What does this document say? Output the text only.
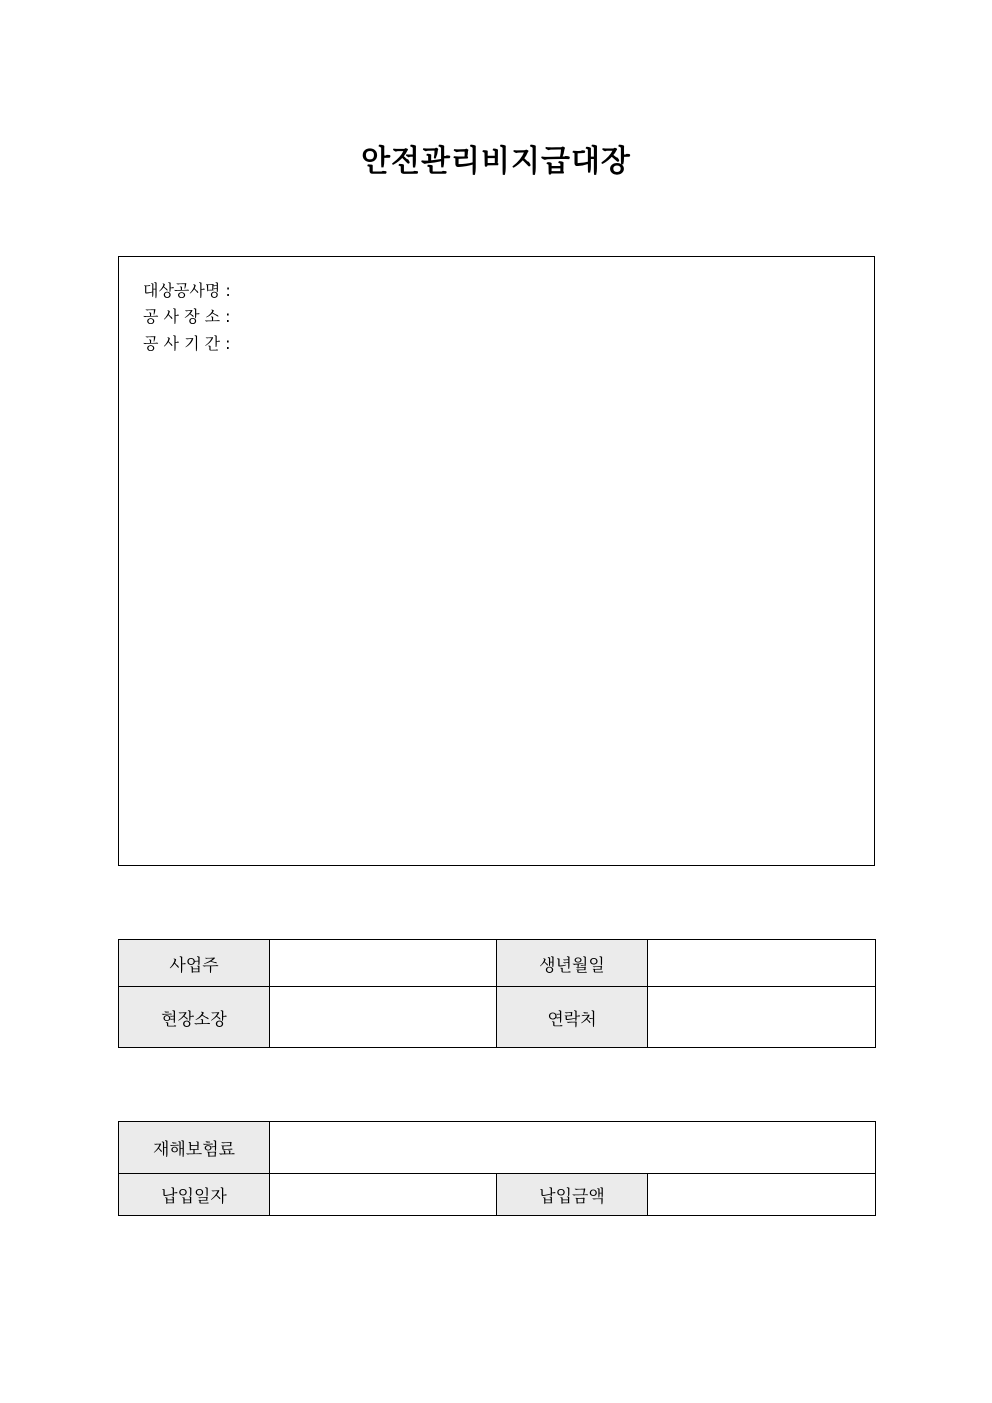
안전관리비지급대장
대상공사명 :
공 사 장 소 :
공 사 기 간 :
사업주		생년월일	
현장소장		연락처	
재해보험료			
납입일자		납입금액	
